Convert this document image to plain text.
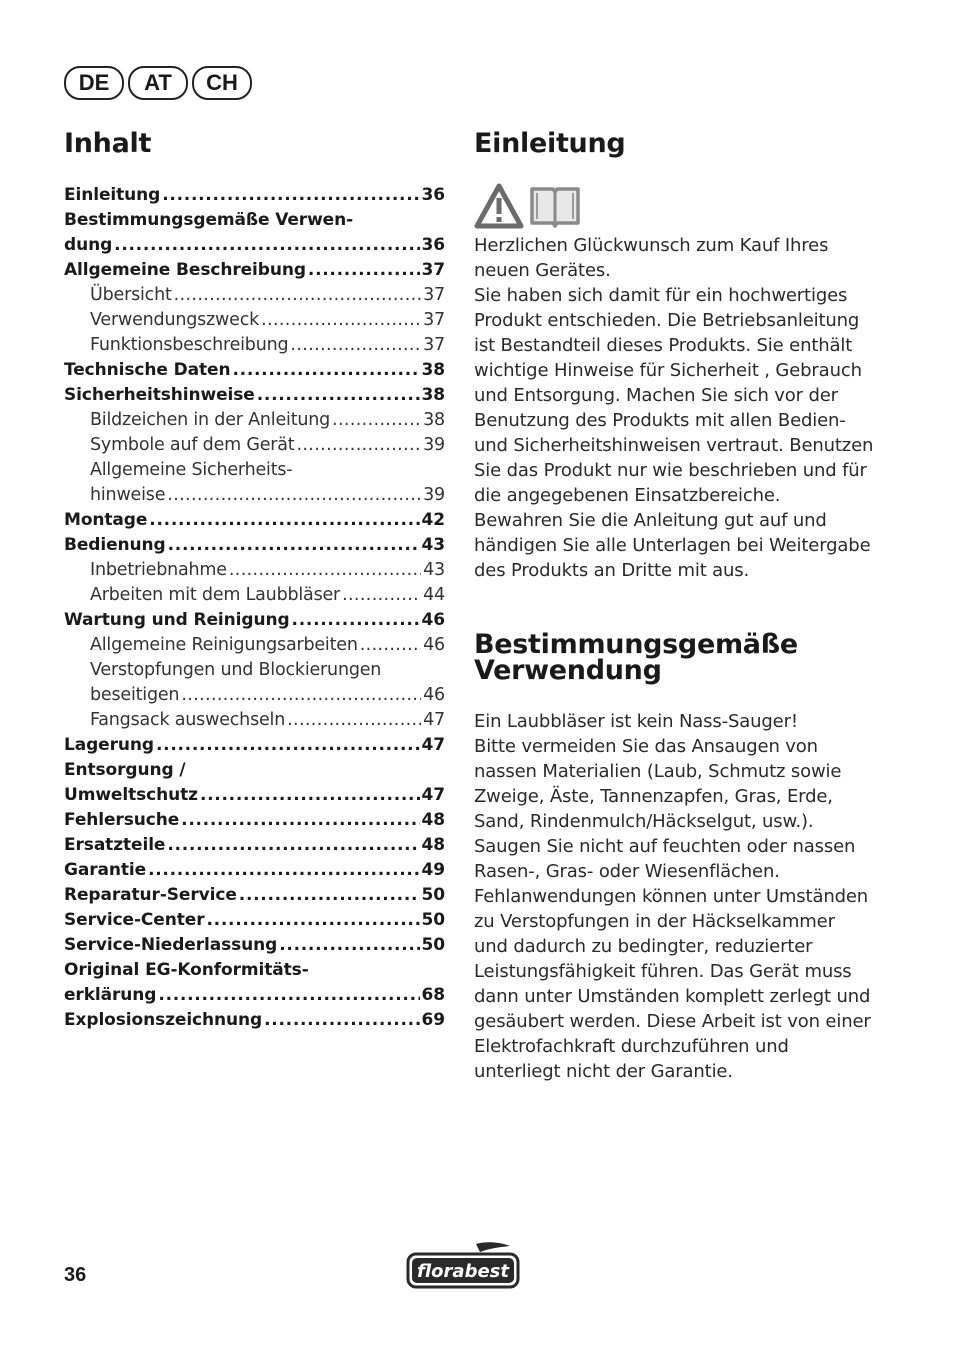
DE	AT	CH
Inhalt
Einleitung . . .	36
Bestimmungsgemäße Verwen-
dung . . .	36
Allgemeine Beschreibung . . .	37
Übersicht . . .	37
Verwendungszweck . . .	37
Funktionsbeschreibung . . .	37
Technische Daten . . .	38
Sicherheitshinweise . . .	38
Bildzeichen in der Anleitung . . .	38
Symbole auf dem Gerät . . .	39
Allgemeine Sicherheits-
hinweise . . .	39
Montage . . .	42
Bedienung . . .	43
Inbetriebnahme . . .	43
Arbeiten mit dem Laubbläser . . .	44
Wartung und Reinigung . . .	46
Allgemeine Reinigungsarbeiten . . .	46
Verstopfungen und Blockierungen
beseitigen . . .	46
Fangsack auswechseln . . .	47
Lagerung . . .	47
Entsorgung /
Umweltschutz . . .	47
Fehlersuche . . .	48
Ersatzteile . . .	48
Garantie . . .	49
Reparatur-Service . . .	50
Service-Center . . .	50
Service-Niederlassung . . .	50
Original EG-Konformitäts-
erklärung . . .	68
Explosionszeichnung . . .	69
Einleitung

Herzlichen Glückwunsch zum Kauf Ihres neuen Gerätes.

Sie haben sich damit für ein hochwertiges Produkt entschieden. Die Betriebsanleitung ist Bestandteil dieses Produkts. Sie enthält wichtige Hinweise für Sicherheit , Gebrauch und Entsorgung. Machen Sie sich vor der Benutzung des Produkts mit allen Bedien- und Sicherheitshinweisen vertraut. Benutzen Sie das Produkt nur wie beschrieben und für die angegebenen Einsatzbereiche.

Bewahren Sie die Anleitung gut auf und händigen Sie alle Unterlagen bei Weitergabe des Produkts an Dritte mit aus.

Bestimmungsgemäße
Verwendung

Ein Laubbläser ist kein Nass-Sauger!

Bitte vermeiden Sie das Ansaugen von nassen Materialien (Laub, Schmutz sowie Zweige, Äste, Tannenzapfen, Gras, Erde, Sand, Rindenmulch/Häckselgut, usw.). Saugen Sie nicht auf feuchten oder nassen Rasen-, Gras- oder Wiesenflächen. Fehlanwendungen können unter Umständen zu Verstopfungen in der Häckselkammer und dadurch zu bedingter, reduzierter Leistungsfähigkeit führen. Das Gerät muss dann unter Umständen komplett zerlegt und gesäubert werden. Diese Arbeit ist von einer Elektrofachkraft durchzuführen und unterliegt nicht der Garantie.

36	florabest
